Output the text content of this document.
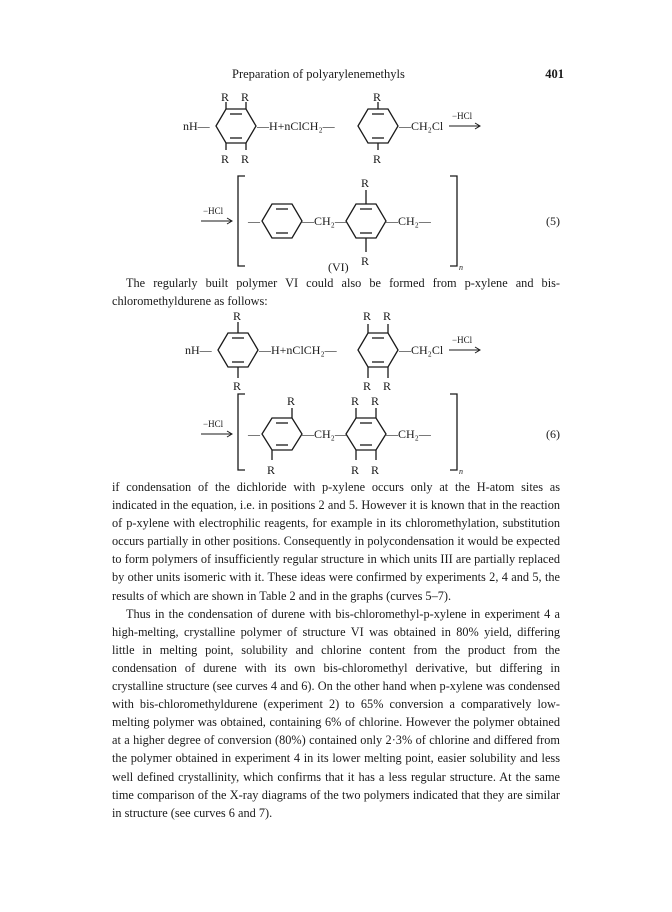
Preparation of polyarylenemethyls	401
R R
R R
nH—	—H+nClCH₂—
R
R
—CH₂Cl
−HCl
−HCl
—	—CH₂—
R
R
—CH₂—
n
(5)
(VI)

The regularly built polymer VI could also be formed from p-xylene and bis-chloromethyldurene as follows:

R
R
nH—	—H+nClCH₂—
R R
R R
—CH₂Cl
−HCl
−HCl
—
R
R
—CH₂—
R R
R R
—CH₂—
n
(6)

if condensation of the dichloride with p-xylene occurs only at the H-atom sites as indicated in the equation, i.e. in positions 2 and 5. However it is known that in the reaction of p-xylene with electrophilic reagents, for example in its chloromethylation, substitution occurs partially in other positions. Consequently in polycondensation it would be expected to form polymers of insufficiently regular structure in which units III are partially replaced by other units isomeric with it. These ideas were confirmed by experiments 2, 4 and 5, the results of which are shown in Table 2 and in the graphs (curves 5–7).

Thus in the condensation of durene with bis-chloromethyl-p-xylene in experiment 4 a high-melting, crystalline polymer of structure VI was obtained in 80% yield, differing little in melting point, solubility and chlorine content from the product from the condensation of durene with its own bis-chloromethyl derivative, but differing in crystalline structure (see curves 4 and 6). On the other hand when p-xylene was condensed with bis-chloromethyldurene (experiment 2) to 65% conversion a comparatively low-melting polymer was obtained, containing 6% of chlorine. However the polymer obtained at a higher degree of conversion (80%) contained only 2·3% of chlorine and differed from the polymer obtained in experiment 4 in its lower melting point, easier solubility and less well defined crystallinity, which confirms that it has a less regular structure. At the same time comparison of the X-ray diagrams of the two polymers indicated that they are similar in structure (see curves 6 and 7).
